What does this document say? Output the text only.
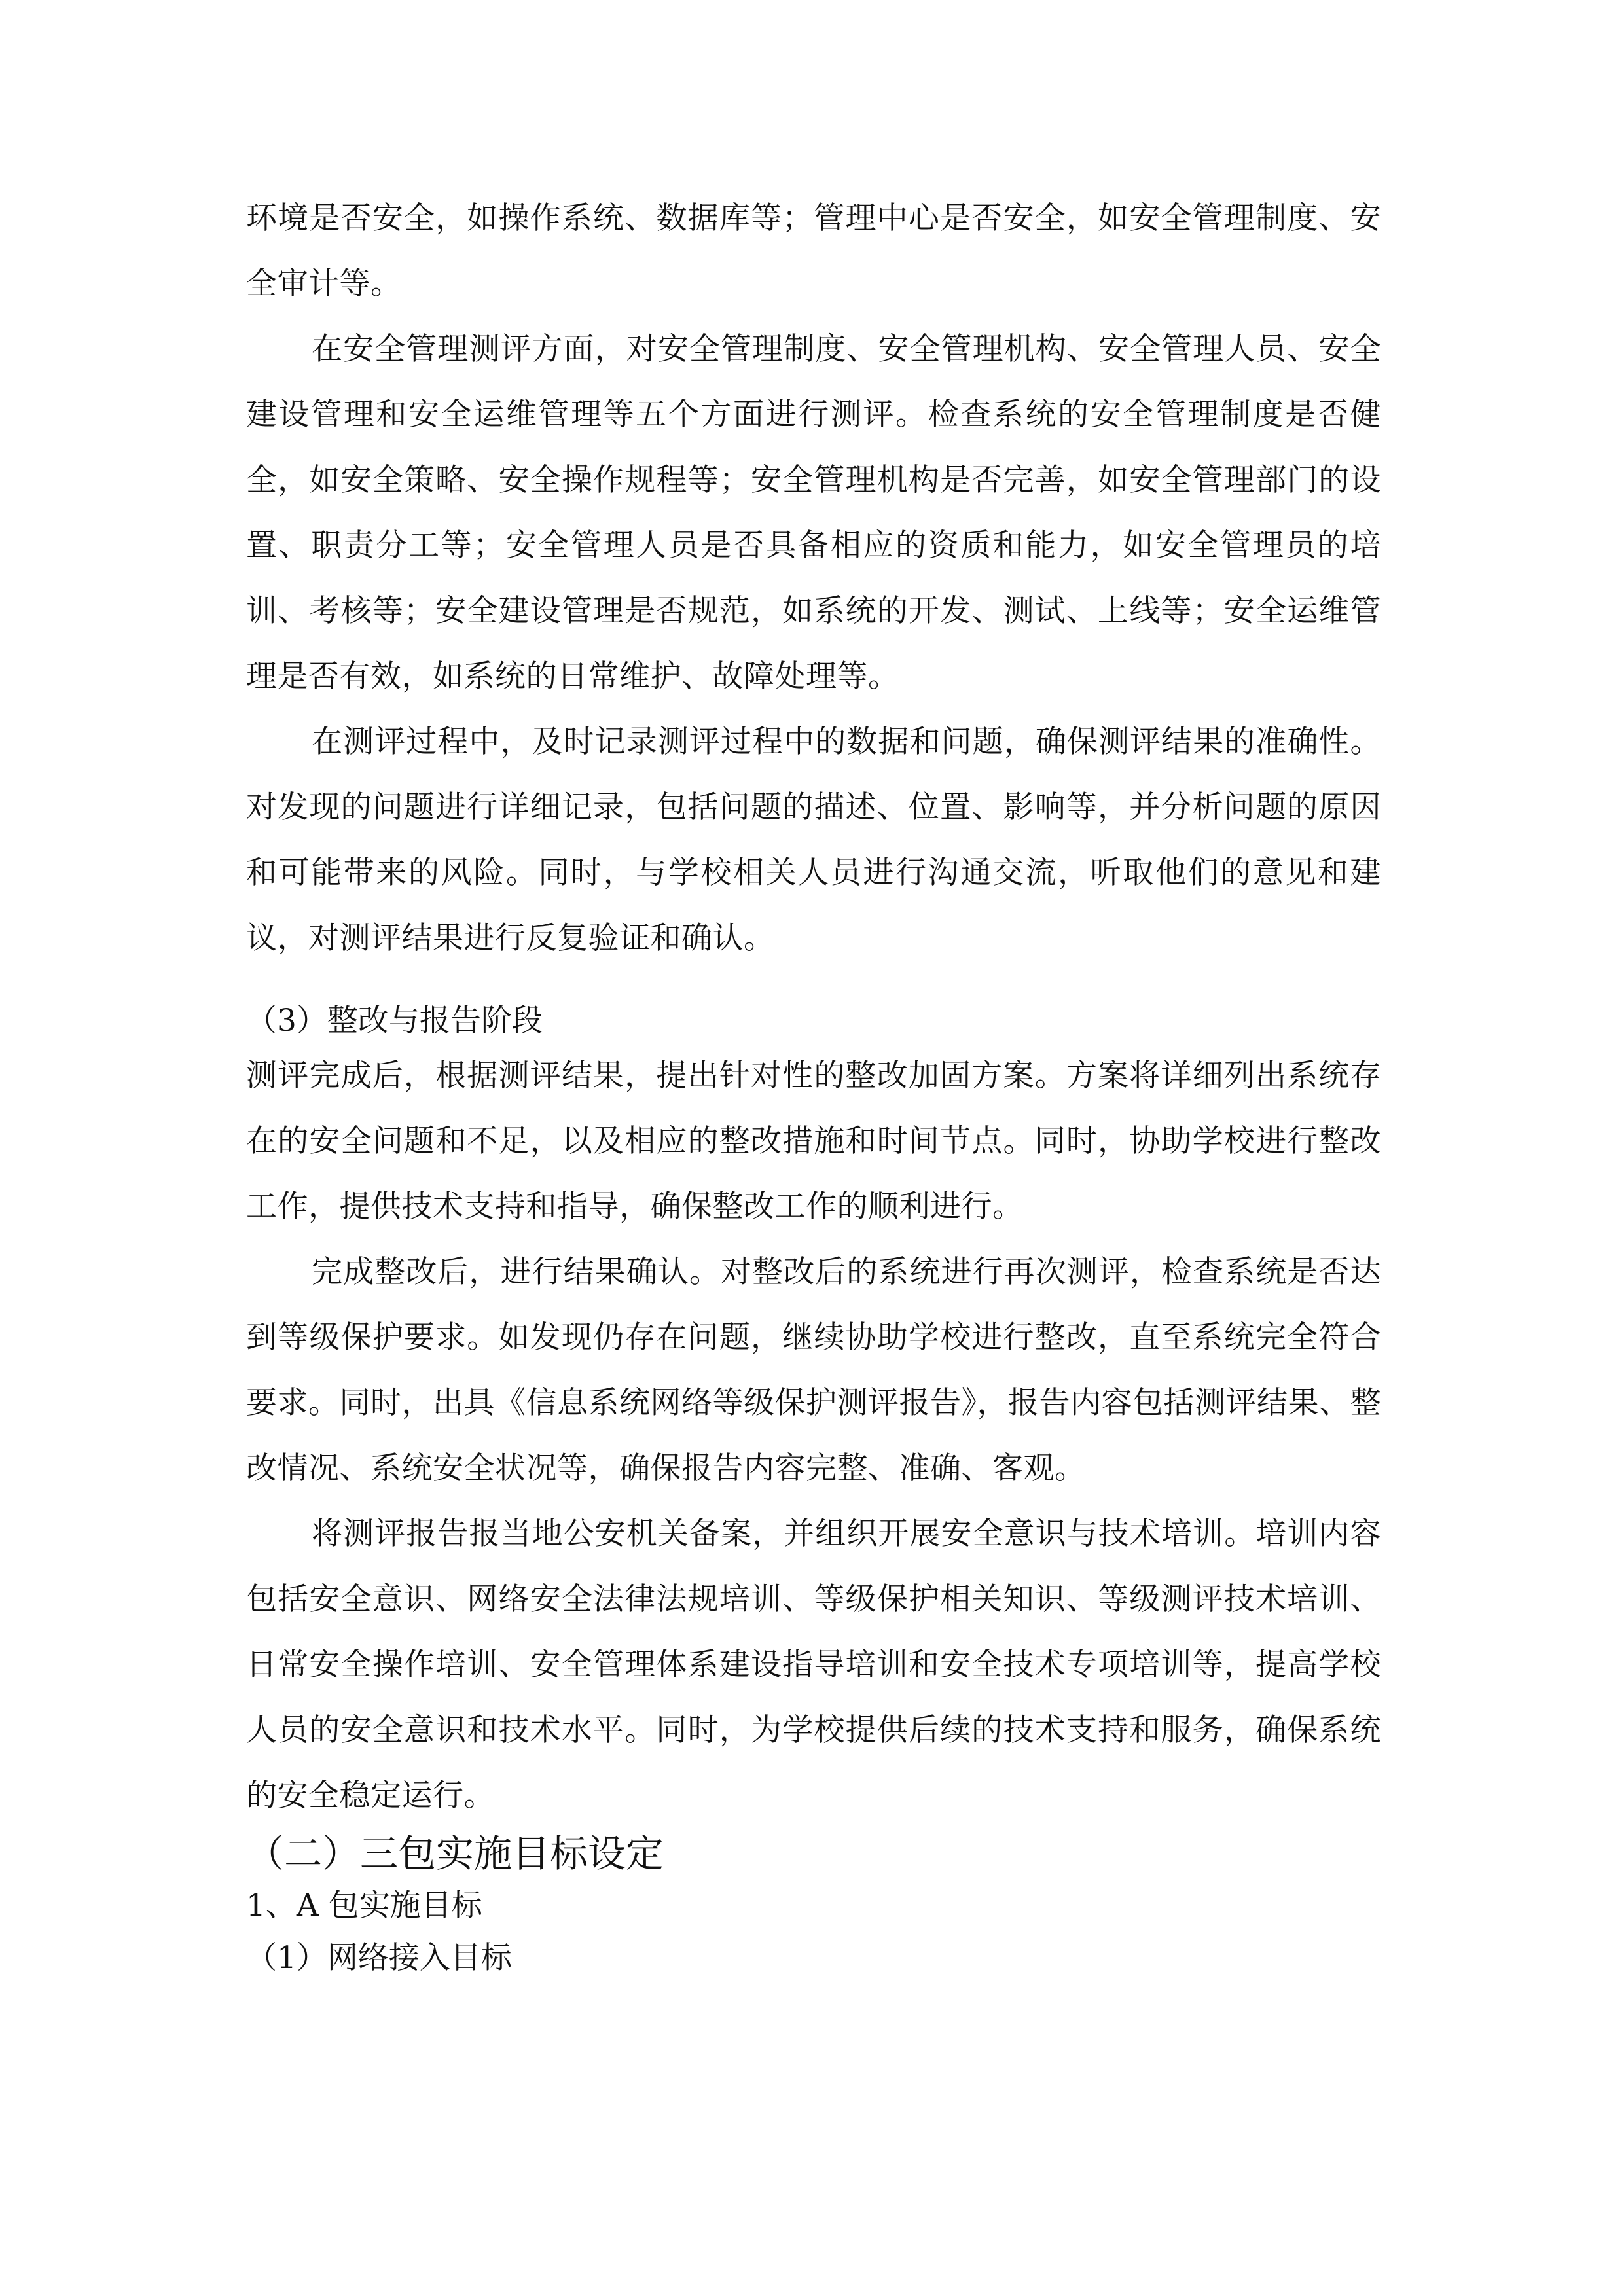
环境是否安全，如操作系统、数据库等；管理中心是否安全，如安全管理制度、安全审计等。

在安全管理测评方面，对安全管理制度、安全管理机构、安全管理人员、安全建设管理和安全运维管理等五个方面进行测评。检查系统的安全管理制度是否健全，如安全策略、安全操作规程等；安全管理机构是否完善，如安全管理部门的设置、职责分工等；安全管理人员是否具备相应的资质和能力，如安全管理员的培训、考核等；安全建设管理是否规范，如系统的开发、测试、上线等；安全运维管理是否有效，如系统的日常维护、故障处理等。

在测评过程中，及时记录测评过程中的数据和问题，确保测评结果的准确性。对发现的问题进行详细记录，包括问题的描述、位置、影响等，并分析问题的原因和可能带来的风险。同时，与学校相关人员进行沟通交流，听取他们的意见和建议，对测评结果进行反复验证和确认。

（3）整改与报告阶段

测评完成后，根据测评结果，提出针对性的整改加固方案。方案将详细列出系统存在的安全问题和不足，以及相应的整改措施和时间节点。同时，协助学校进行整改工作，提供技术支持和指导，确保整改工作的顺利进行。

完成整改后，进行结果确认。对整改后的系统进行再次测评，检查系统是否达到等级保护要求。如发现仍存在问题，继续协助学校进行整改，直至系统完全符合要求。同时，出具《信息系统网络等级保护测评报告》，报告内容包括测评结果、整改情况、系统安全状况等，确保报告内容完整、准确、客观。

将测评报告报当地公安机关备案，并组织开展安全意识与技术培训。培训内容包括安全意识、网络安全法律法规培训、等级保护相关知识、等级测评技术培训、日常安全操作培训、安全管理体系建设指导培训和安全技术专项培训等，提高学校人员的安全意识和技术水平。同时，为学校提供后续的技术支持和服务，确保系统的安全稳定运行。

（二）三包实施目标设定

1、A 包实施目标

（1）网络接入目标
